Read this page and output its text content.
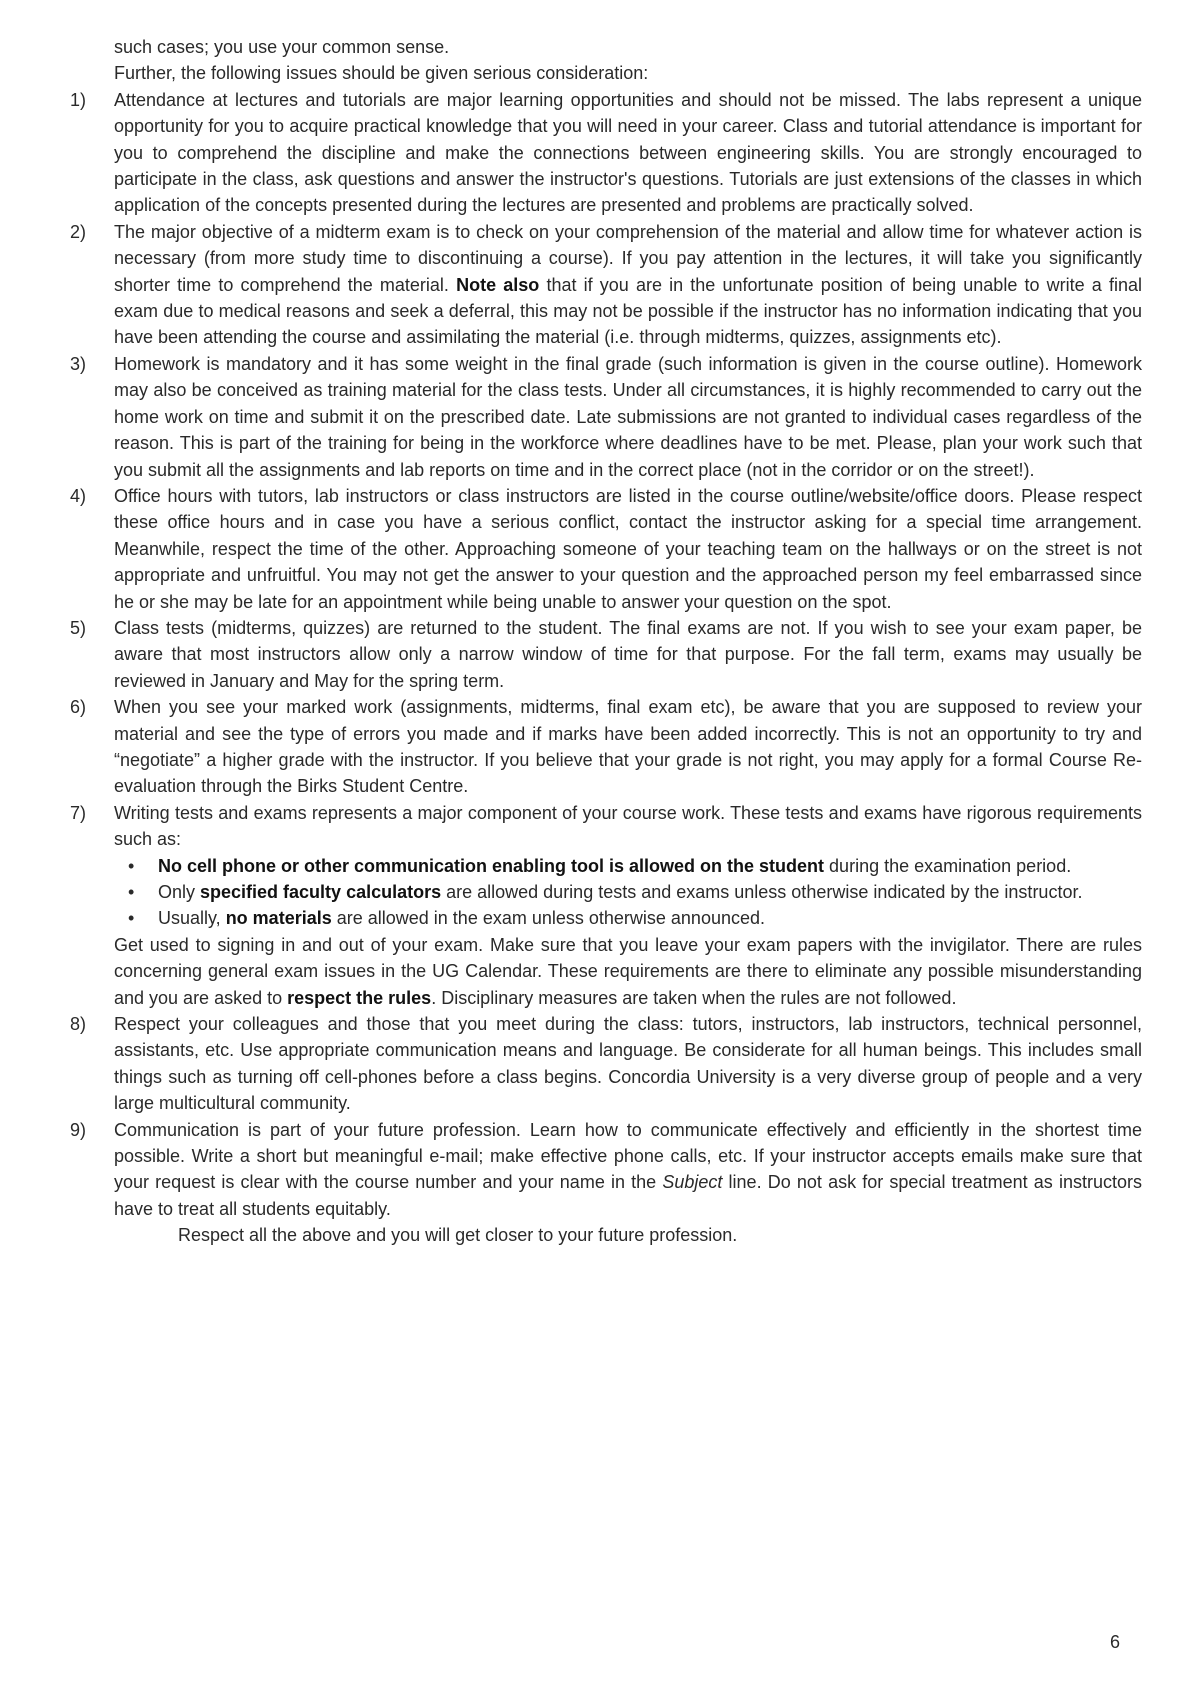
such cases; you use your common sense.

Further, the following issues should be given serious consideration:

1) Attendance at lectures and tutorials are major learning opportunities and should not be missed. The labs represent a unique opportunity for you to acquire practical knowledge that you will need in your career. Class and tutorial attendance is important for you to comprehend the discipline and make the connections between engineering skills. You are strongly encouraged to participate in the class, ask questions and answer the instructor's questions. Tutorials are just extensions of the classes in which application of the concepts presented during the lectures are presented and problems are practically solved.
2) The major objective of a midterm exam is to check on your comprehension of the material and allow time for whatever action is necessary (from more study time to discontinuing a course). If you pay attention in the lectures, it will take you significantly shorter time to comprehend the material. Note also that if you are in the unfortunate position of being unable to write a final exam due to medical reasons and seek a deferral, this may not be possible if the instructor has no information indicating that you have been attending the course and assimilating the material (i.e. through midterms, quizzes, assignments etc).
3) Homework is mandatory and it has some weight in the final grade (such information is given in the course outline). Homework may also be conceived as training material for the class tests. Under all circumstances, it is highly recommended to carry out the home work on time and submit it on the prescribed date. Late submissions are not granted to individual cases regardless of the reason. This is part of the training for being in the workforce where deadlines have to be met. Please, plan your work such that you submit all the assignments and lab reports on time and in the correct place (not in the corridor or on the street!).
4) Office hours with tutors, lab instructors or class instructors are listed in the course outline/website/office doors. Please respect these office hours and in case you have a serious conflict, contact the instructor asking for a special time arrangement. Meanwhile, respect the time of the other. Approaching someone of your teaching team on the hallways or on the street is not appropriate and unfruitful. You may not get the answer to your question and the approached person my feel embarrassed since he or she may be late for an appointment while being unable to answer your question on the spot.
5) Class tests (midterms, quizzes) are returned to the student. The final exams are not. If you wish to see your exam paper, be aware that most instructors allow only a narrow window of time for that purpose. For the fall term, exams may usually be reviewed in January and May for the spring term.
6) When you see your marked work (assignments, midterms, final exam etc), be aware that you are supposed to review your material and see the type of errors you made and if marks have been added incorrectly. This is not an opportunity to try and “negotiate” a higher grade with the instructor. If you believe that your grade is not right, you may apply for a formal Course Re-evaluation through the Birks Student Centre.
7) Writing tests and exams represents a major component of your course work. These tests and exams have rigorous requirements such as:
• No cell phone or other communication enabling tool is allowed on the student during the examination period.
• Only specified faculty calculators are allowed during tests and exams unless otherwise indicated by the instructor.
• Usually, no materials are allowed in the exam unless otherwise announced.
Get used to signing in and out of your exam. Make sure that you leave your exam papers with the invigilator. There are rules concerning general exam issues in the UG Calendar. These requirements are there to eliminate any possible misunderstanding and you are asked to respect the rules. Disciplinary measures are taken when the rules are not followed.
8) Respect your colleagues and those that you meet during the class: tutors, instructors, lab instructors, technical personnel, assistants, etc. Use appropriate communication means and language. Be considerate for all human beings. This includes small things such as turning off cell-phones before a class begins. Concordia University is a very diverse group of people and a very large multicultural community.
9) Communication is part of your future profession. Learn how to communicate effectively and efficiently in the shortest time possible. Write a short but meaningful e-mail; make effective phone calls, etc. If your instructor accepts emails make sure that your request is clear with the course number and your name in the Subject line. Do not ask for special treatment as instructors have to treat all students equitably.

Respect all the above and you will get closer to your future profession.

6
